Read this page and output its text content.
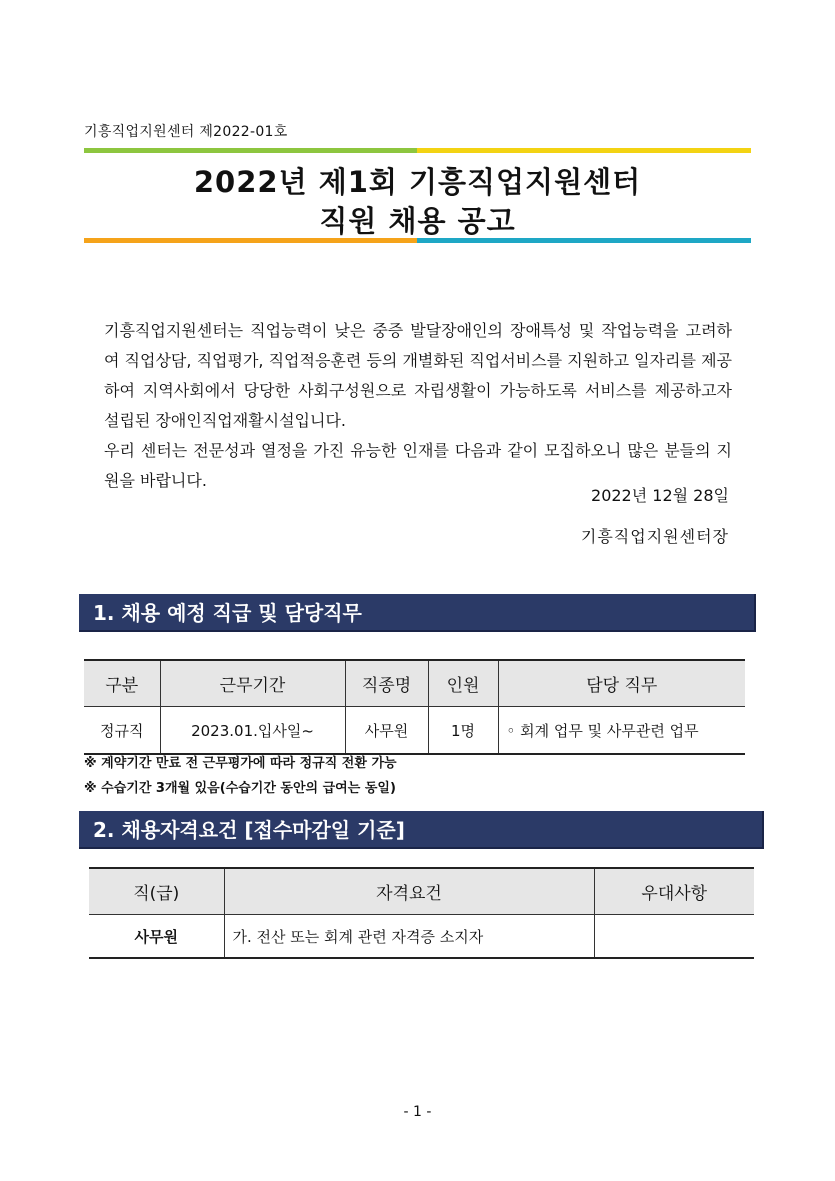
기흥직업지원센터 제2022-01호
2022년 제1회 기흥직업지원센터
직원 채용 공고

기흥직업지원센터는 직업능력이 낮은 중증 발달장애인의 장애특성 및 작업능력을 고려하여 직업상담, 직업평가, 직업적응훈련 등의 개별화된 직업서비스를 지원하고 일자리를 제공하여 지역사회에서 당당한 사회구성원으로 자립생활이 가능하도록 서비스를 제공하고자 설립된 장애인직업재활시설입니다.

우리 센터는 전문성과 열정을 가진 유능한 인재를 다음과 같이 모집하오니 많은 분들의 지원을 바랍니다.

2022년 12월 28일
기흥직업지원센터장
1. 채용 예정 직급 및 담당직무
구분	근무기간	직종명	인원	담당 직무
정규직	2023.01.입사일~	사무원	1명	◦ 회계 업무 및 사무관련 업무
※ 계약기간 만료 전 근무평가에 따라 정규직 전환 가능
※ 수습기간 3개월 있음(수습기간 동안의 급여는 동일)
2. 채용자격요건 [접수마감일 기준]
직(급)	자격요건	우대사항
사무원	가. 전산 또는 회계 관련 자격증 소지자	
- 1 -
